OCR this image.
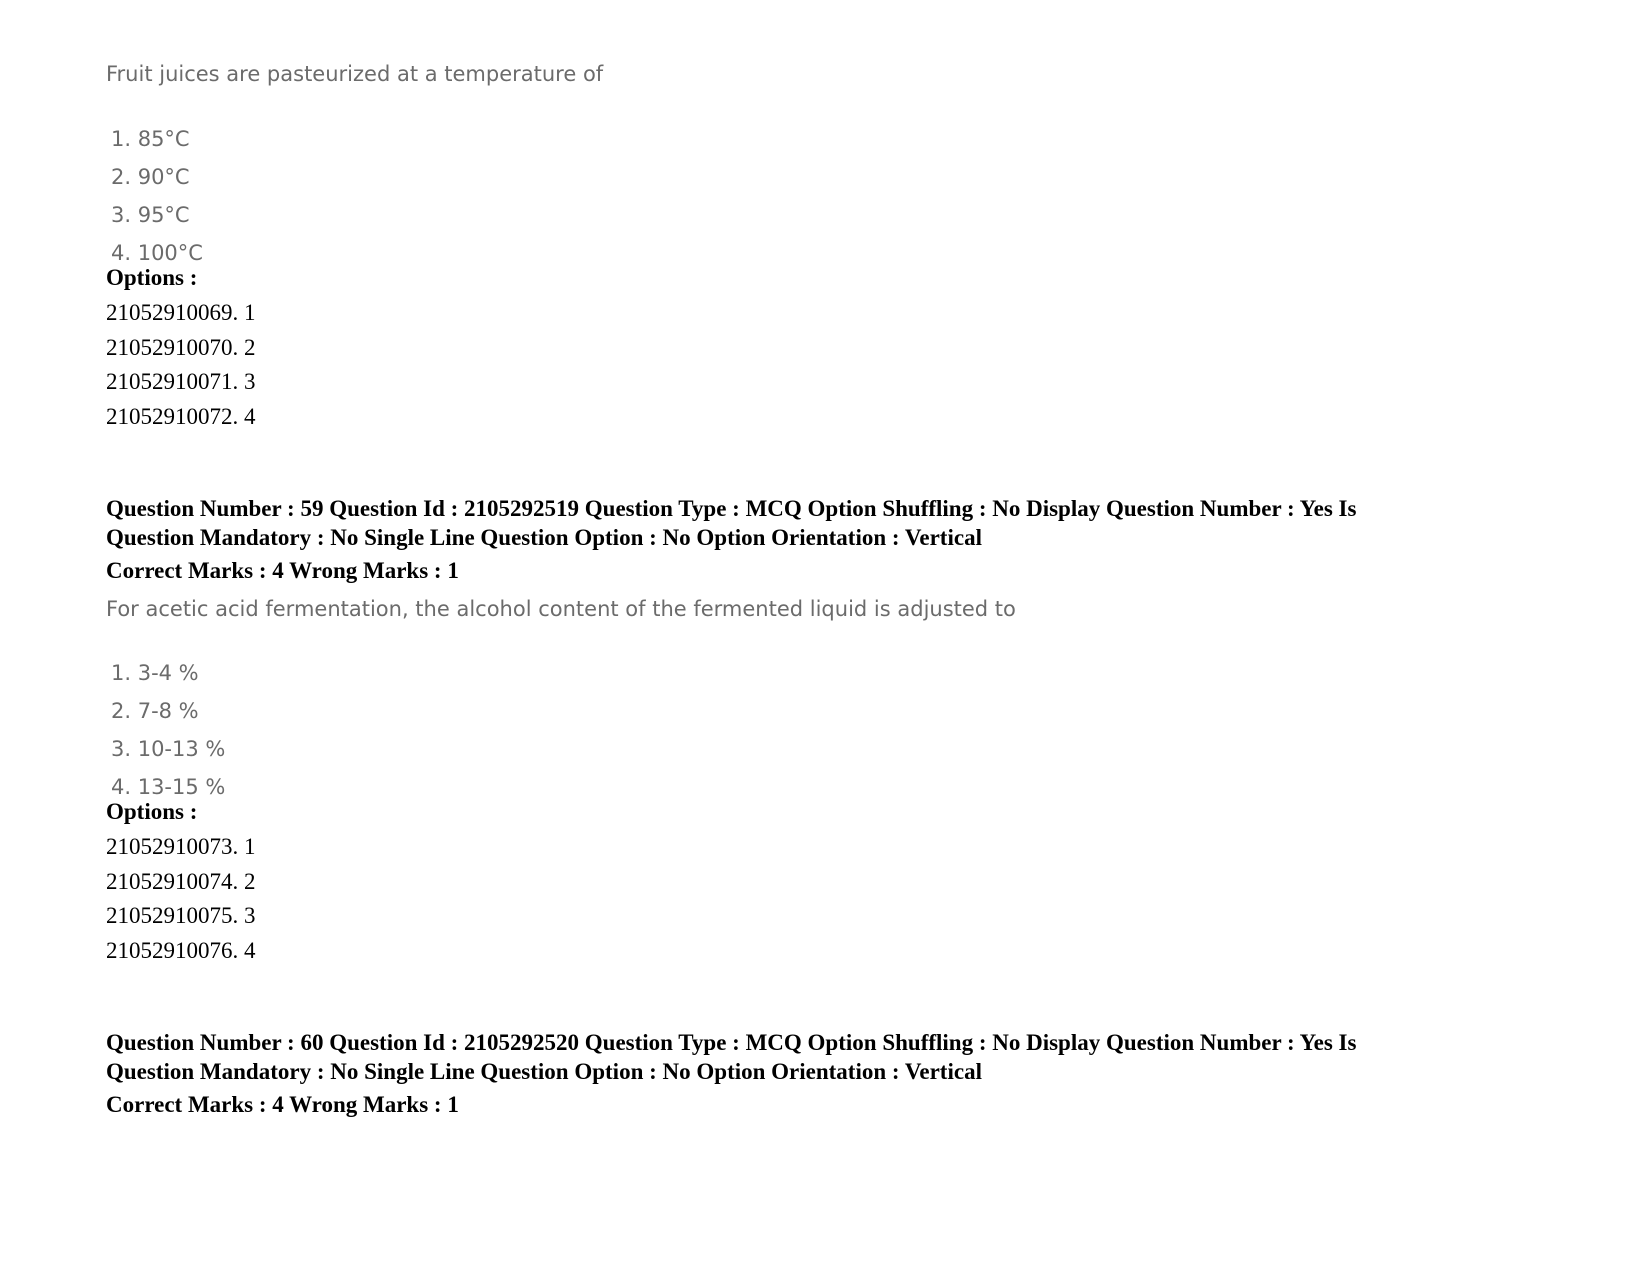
Fruit juices are pasteurized at a temperature of

1. 85°C
2. 90°C
3. 95°C
4. 100°C

Options :

21052910069. 1
21052910070. 2
21052910071. 3
21052910072. 4
Question Number : 59 Question Id : 2105292519 Question Type : MCQ Option Shuffling : No Display Question Number : Yes Is
Question Mandatory : No Single Line Question Option : No Option Orientation : Vertical

Correct Marks : 4 Wrong Marks : 1

For acetic acid fermentation, the alcohol content of the fermented liquid is adjusted to

1. 3-4 %
2. 7-8 %
3. 10-13 %
4. 13-15 %

Options :

21052910073. 1
21052910074. 2
21052910075. 3
21052910076. 4
Question Number : 60 Question Id : 2105292520 Question Type : MCQ Option Shuffling : No Display Question Number : Yes Is
Question Mandatory : No Single Line Question Option : No Option Orientation : Vertical

Correct Marks : 4 Wrong Marks : 1
